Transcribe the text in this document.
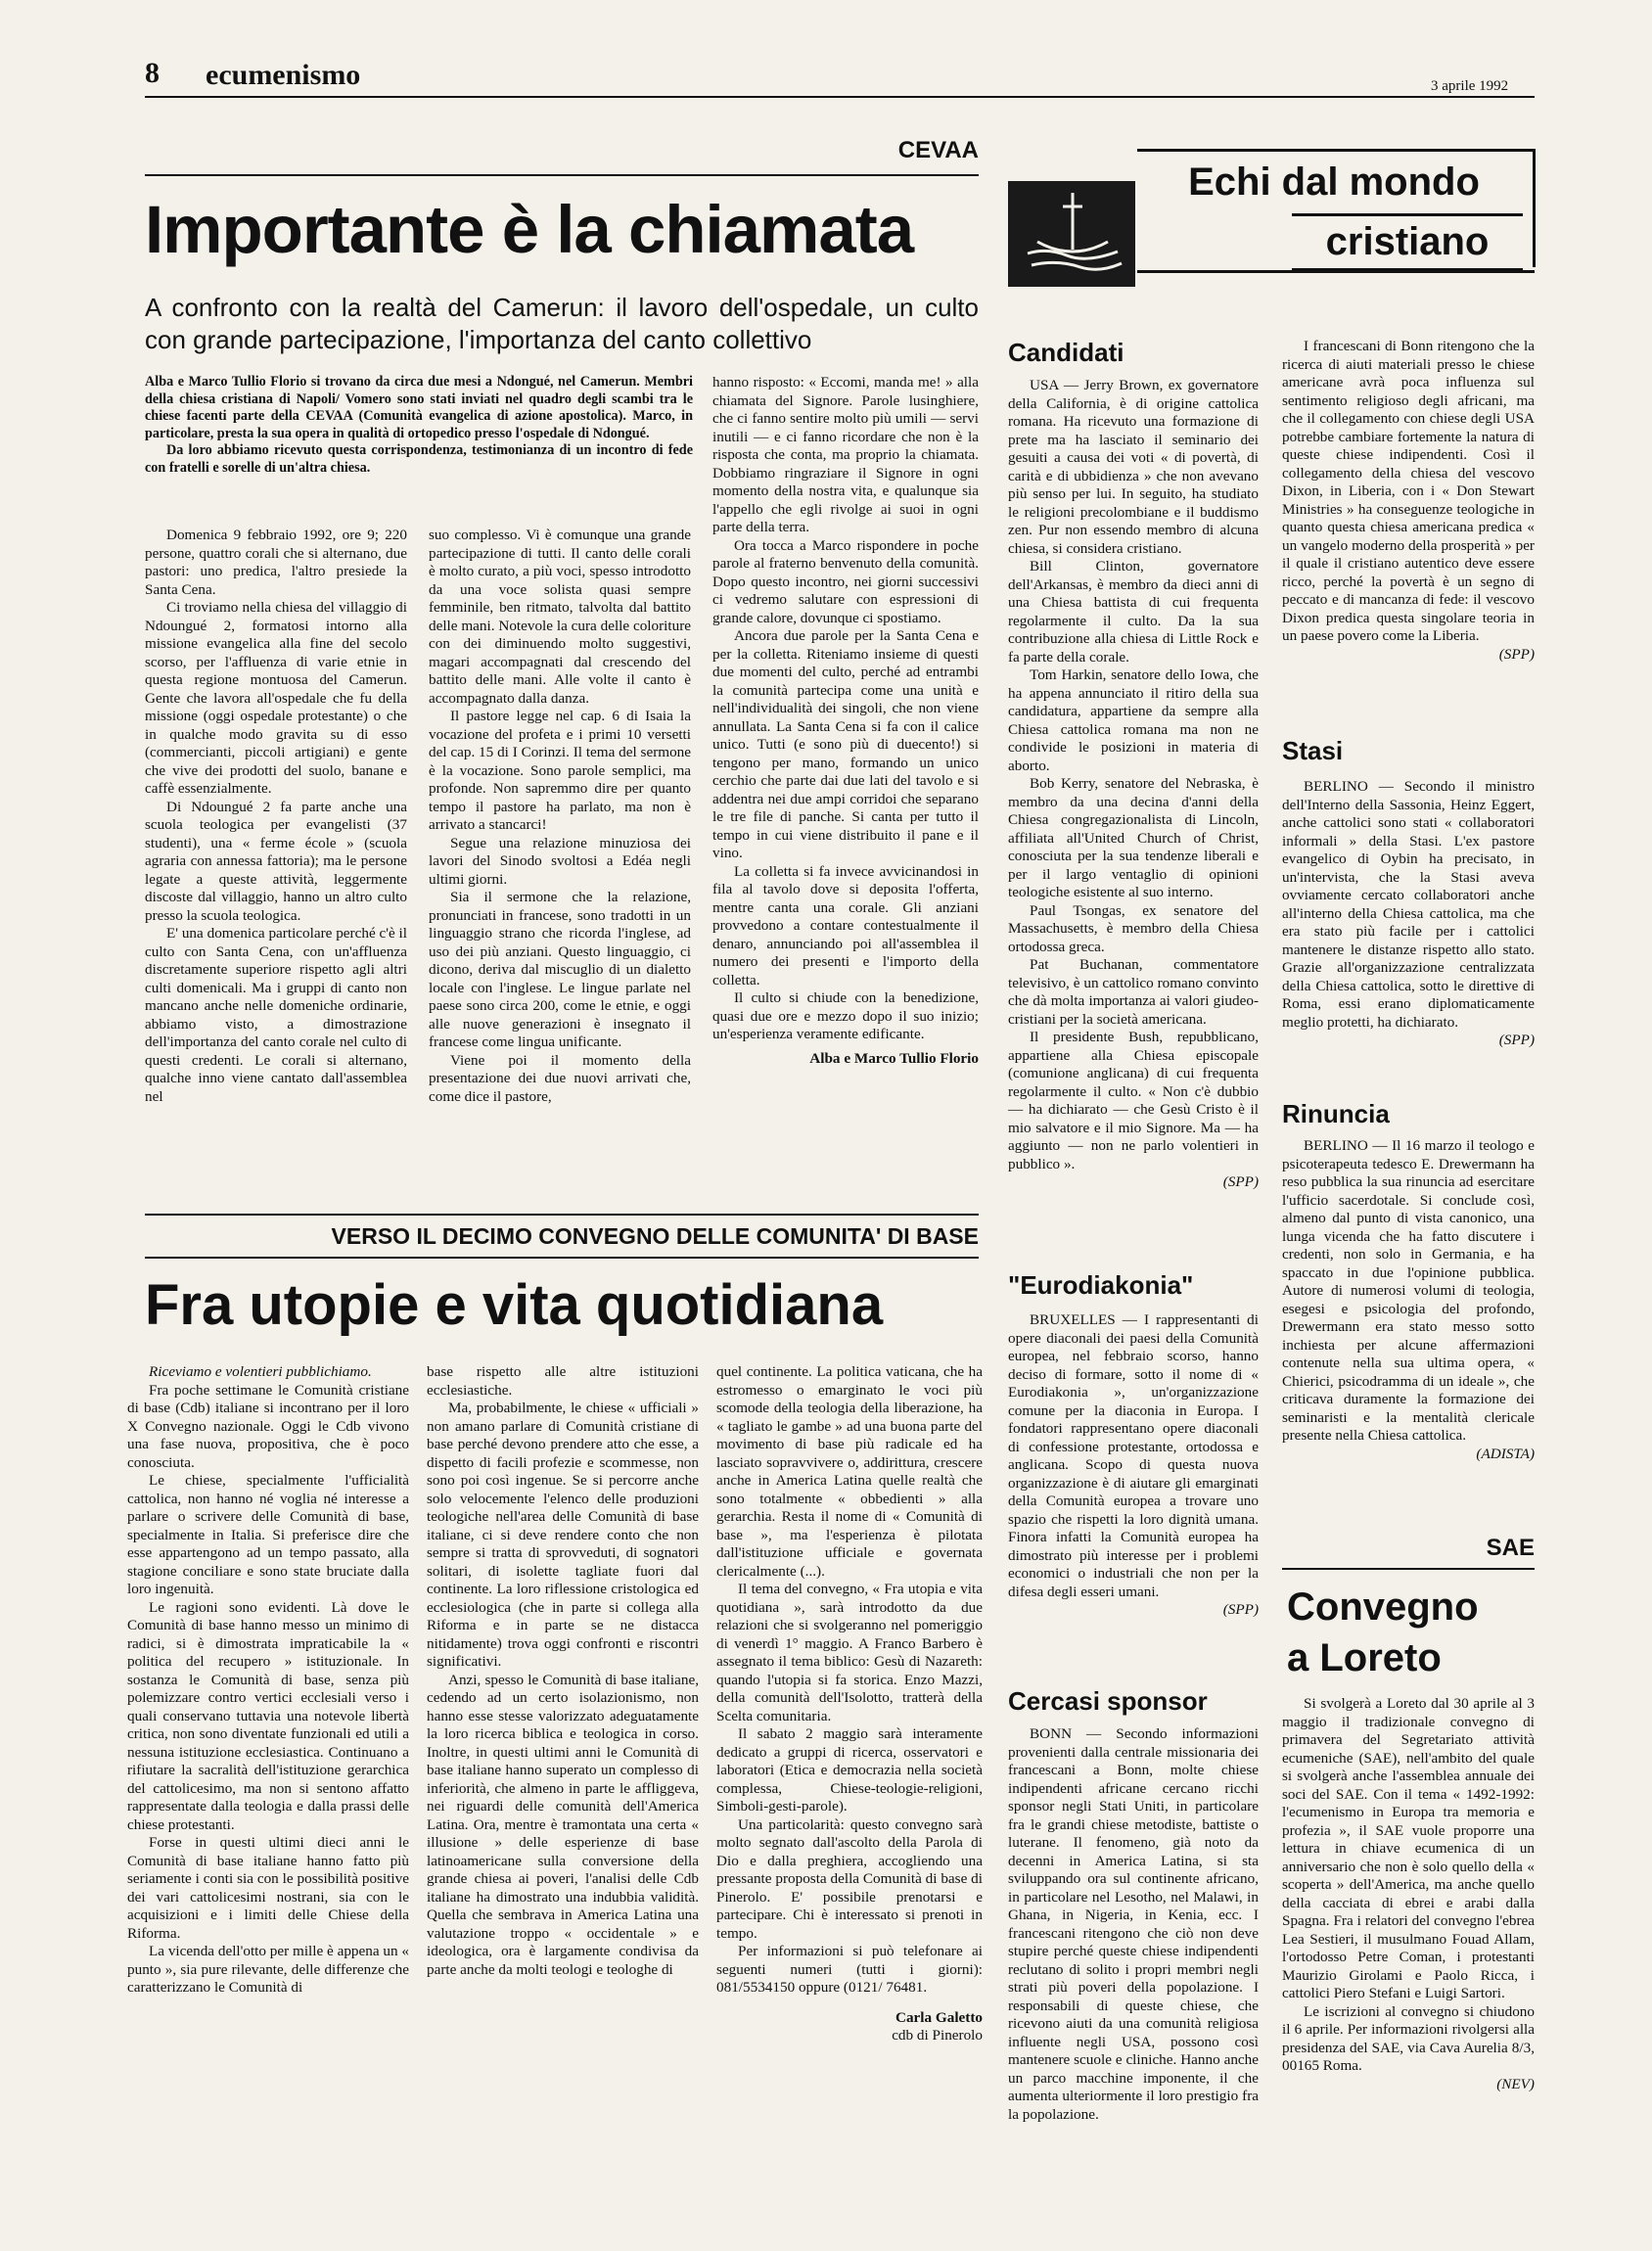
8 ecumenismo	3 aprile 1992
CEVAA
Importante è la chiamata
A confronto con la realtà del Camerun: il lavoro dell'ospedale, un culto con grande partecipazione, l'importanza del canto collettivo

Alba e Marco Tullio Florio si trovano da circa due mesi a Ndongué, nel Camerun. Membri della chiesa cristiana di Napoli/ Vomero sono stati inviati nel quadro degli scambi tra le chiese facenti parte della CEVAA (Comunità evangelica di azione apostolica). Marco, in particolare, presta la sua opera in qualità di ortopedico presso l'ospedale di Ndongué.

Da loro abbiamo ricevuto questa corrispondenza, testimonianza di un incontro di fede con fratelli e sorelle di un'altra chiesa.

Domenica 9 febbraio 1992, ore 9; 220 persone, quattro corali che si alternano, due pastori: uno predica, l'altro presiede la Santa Cena.

Ci troviamo nella chiesa del villaggio di Ndoungué 2, formatosi intorno alla missione evangelica alla fine del secolo scorso, per l'affluenza di varie etnie in questa regione montuosa del Camerun. Gente che lavora all'ospedale che fu della missione (oggi ospedale protestante) o che in qualche modo gravita su di esso (commercianti, piccoli artigiani) e gente che vive dei prodotti del suolo, banane e caffè essenzialmente.

Di Ndoungué 2 fa parte anche una scuola teologica per evangelisti (37 studenti), una « ferme école » (scuola agraria con annessa fattoria); ma le persone legate a queste attività, leggermente discoste dal villaggio, hanno un altro culto presso la scuola teologica.

E' una domenica particolare perché c'è il culto con Santa Cena, con un'affluenza discretamente superiore rispetto agli altri culti domenicali. Ma i gruppi di canto non mancano anche nelle domeniche ordinarie, abbiamo visto, a dimostrazione dell'importanza del canto corale nel culto di questi credenti. Le corali si alternano, qualche inno viene cantato dall'assemblea nel

suo complesso. Vi è comunque una grande partecipazione di tutti. Il canto delle corali è molto curato, a più voci, spesso introdotto da una voce solista quasi sempre femminile, ben ritmato, talvolta dal battito delle mani. Notevole la cura delle coloriture con dei diminuendo molto suggestivi, magari accompagnati dal crescendo del battito delle mani. Alle volte il canto è accompagnato dalla danza.

Il pastore legge nel cap. 6 di Isaia la vocazione del profeta e i primi 10 versetti del cap. 15 di I Corinzi. Il tema del sermone è la vocazione. Sono parole semplici, ma profonde. Non sapremmo dire per quanto tempo il pastore ha parlato, ma non è arrivato a stancarci!

Segue una relazione minuziosa dei lavori del Sinodo svoltosi a Edéa negli ultimi giorni.

Sia il sermone che la relazione, pronunciati in francese, sono tradotti in un linguaggio strano che ricorda l'inglese, ad uso dei più anziani. Questo linguaggio, ci dicono, deriva dal miscuglio di un dialetto locale con l'inglese. Le lingue parlate nel paese sono circa 200, come le etnie, e oggi alle nuove generazioni è insegnato il francese come lingua unificante.

Viene poi il momento della presentazione dei due nuovi arrivati che, come dice il pastore,

hanno risposto: « Eccomi, manda me! » alla chiamata del Signore. Parole lusinghiere, che ci fanno sentire molto più umili — servi inutili — e ci fanno ricordare che non è la risposta che conta, ma proprio la chiamata. Dobbiamo ringraziare il Signore in ogni momento della nostra vita, e qualunque sia l'appello che egli rivolge ai suoi in ogni parte della terra.

Ora tocca a Marco rispondere in poche parole al fraterno benvenuto della comunità. Dopo questo incontro, nei giorni successivi ci vedremo salutare con espressioni di grande calore, dovunque ci spostiamo.

Ancora due parole per la Santa Cena e per la colletta. Riteniamo insieme di questi due momenti del culto, perché ad entrambi la comunità partecipa come una unità e nell'individualità dei singoli, che non viene annullata. La Santa Cena si fa con il calice unico. Tutti (e sono più di duecento!) si tengono per mano, formando un unico cerchio che parte dai due lati del tavolo e si addentra nei due ampi corridoi che separano le tre file di panche. Si canta per tutto il tempo in cui viene distribuito il pane e il vino.

La colletta si fa invece avvicinandosi in fila al tavolo dove si deposita l'offerta, mentre canta una corale. Gli anziani provvedono a contare contestualmente il denaro, annunciando poi all'assemblea il numero dei presenti e l'importo della colletta.

Il culto si chiude con la benedizione, quasi due ore e mezzo dopo il suo inizio; un'esperienza veramente edificante.

Alba e Marco Tullio Florio
Echi dal mondo
cristiano
Candidati

USA — Jerry Brown, ex governatore della California, è di origine cattolica romana. Ha ricevuto una formazione di prete ma ha lasciato il seminario dei gesuiti a causa dei voti « di povertà, di carità e di ubbidienza » che non avevano più senso per lui. In seguito, ha studiato le religioni precolombiane e il buddismo zen. Pur non essendo membro di alcuna chiesa, si considera cristiano.

Bill Clinton, governatore dell'Arkansas, è membro da dieci anni di una Chiesa battista di cui frequenta regolarmente il culto. Da la sua contribuzione alla chiesa di Little Rock e fa parte della corale.

Tom Harkin, senatore dello Iowa, che ha appena annunciato il ritiro della sua candidatura, appartiene da sempre alla Chiesa cattolica romana ma non ne condivide le posizioni in materia di aborto.

Bob Kerry, senatore del Nebraska, è membro da una decina d'anni della Chiesa congregazionalista di Lincoln, affiliata all'United Church of Christ, conosciuta per la sua tendenze liberali e per il largo ventaglio di opinioni teologiche esistente al suo interno.

Paul Tsongas, ex senatore del Massachusetts, è membro della Chiesa ortodossa greca.

Pat Buchanan, commentatore televisivo, è un cattolico romano convinto che dà molta importanza ai valori giudeo-cristiani per la società americana.

Il presidente Bush, repubblicano, appartiene alla Chiesa episcopale (comunione anglicana) di cui frequenta regolarmente il culto. « Non c'è dubbio — ha dichiarato — che Gesù Cristo è il mio salvatore e il mio Signore. Ma — ha aggiunto — non ne parlo volentieri in pubblico ».

(SPP)

I francescani di Bonn ritengono che la ricerca di aiuti materiali presso le chiese americane avrà poca influenza sul sentimento religioso degli africani, ma che il collegamento con chiese degli USA potrebbe cambiare fortemente la natura di queste chiese indipendenti. Così il collegamento della chiesa del vescovo Dixon, in Liberia, con i « Don Stewart Ministries » ha conseguenze teologiche in quanto questa chiesa americana predica « un vangelo moderno della prosperità » per il quale il cristiano autentico deve essere ricco, perché la povertà è un segno di peccato e di mancanza di fede: il vescovo Dixon predica questa singolare teoria in un paese povero come la Liberia.

(SPP)
Stasi

BERLINO — Secondo il ministro dell'Interno della Sassonia, Heinz Eggert, anche cattolici sono stati « collaboratori informali » della Stasi. L'ex pastore evangelico di Oybin ha precisato, in un'intervista, che la Stasi aveva ovviamente cercato collaboratori anche all'interno della Chiesa cattolica, ma che era stato più facile per i cattolici mantenere le distanze rispetto allo stato. Grazie all'organizzazione centralizzata della Chiesa cattolica, sotto le direttive di Roma, essi erano diplomaticamente meglio protetti, ha dichiarato.

(SPP)
Rinuncia

BERLINO — Il 16 marzo il teologo e psicoterapeuta tedesco E. Drewermann ha reso pubblica la sua rinuncia ad esercitare l'ufficio sacerdotale. Si conclude così, almeno dal punto di vista canonico, una lunga vicenda che ha fatto discutere i credenti, non solo in Germania, e ha spaccato in due l'opinione pubblica. Autore di numerosi volumi di teologia, esegesi e psicologia del profondo, Drewermann era stato messo sotto inchiesta per alcune affermazioni contenute nella sua ultima opera, « Chierici, psicodramma di un ideale », che criticava duramente la formazione dei seminaristi e la mentalità clericale presente nella Chiesa cattolica.

(ADISTA)
"Eurodiakonia"

BRUXELLES — I rappresentanti di opere diaconali dei paesi della Comunità europea, nel febbraio scorso, hanno deciso di formare, sotto il nome di « Eurodiakonia », un'organizzazione comune per la diaconia in Europa. I fondatori rappresentano opere diaconali di confessione protestante, ortodossa e anglicana. Scopo di questa nuova organizzazione è di aiutare gli emarginati della Comunità europea a trovare uno spazio che rispetti la loro dignità umana. Finora infatti la Comunità europea ha dimostrato più interesse per i problemi economici o industriali che non per la difesa degli esseri umani.

(SPP)
Cercasi sponsor

BONN — Secondo informazioni provenienti dalla centrale missionaria dei francescani a Bonn, molte chiese indipendenti africane cercano ricchi sponsor negli Stati Uniti, in particolare fra le grandi chiese metodiste, battiste o luterane. Il fenomeno, già noto da decenni in America Latina, si sta sviluppando ora sul continente africano, in particolare nel Lesotho, nel Malawi, in Ghana, in Nigeria, in Kenia, ecc. I francescani ritengono che ciò non deve stupire perché queste chiese indipendenti reclutano di solito i propri membri negli strati più poveri della popolazione. I responsabili di queste chiese, che ricevono aiuti da una comunità religiosa influente negli USA, possono così mantenere scuole e cliniche. Hanno anche un parco macchine imponente, il che aumenta ulteriormente il loro prestigio fra la popolazione.

SAE
Convegno
a Loreto

Si svolgerà a Loreto dal 30 aprile al 3 maggio il tradizionale convegno di primavera del Segretariato attività ecumeniche (SAE), nell'ambito del quale si svolgerà anche l'assemblea annuale dei soci del SAE. Con il tema « 1492-1992: l'ecumenismo in Europa tra memoria e profezia », il SAE vuole proporre una lettura in chiave ecumenica di un anniversario che non è solo quello della « scoperta » dell'America, ma anche quello della cacciata di ebrei e arabi dalla Spagna. Fra i relatori del convegno l'ebrea Lea Sestieri, il musulmano Fouad Allam, l'ortodosso Petre Coman, i protestanti Maurizio Girolami e Paolo Ricca, i cattolici Piero Stefani e Luigi Sartori.

Le iscrizioni al convegno si chiudono il 6 aprile. Per informazioni rivolgersi alla presidenza del SAE, via Cava Aurelia 8/3, 00165 Roma.

(NEV)
VERSO IL DECIMO CONVEGNO DELLE COMUNITA' DI BASE
Fra utopie e vita quotidiana

Riceviamo e volentieri pubblichiamo.

Fra poche settimane le Comunità cristiane di base (Cdb) italiane si incontrano per il loro X Convegno nazionale. Oggi le Cdb vivono una fase nuova, propositiva, che è poco conosciuta.

Le chiese, specialmente l'ufficialità cattolica, non hanno né voglia né interesse a parlare o scrivere delle Comunità di base, specialmente in Italia. Si preferisce dire che esse appartengono ad un tempo passato, alla stagione conciliare e sono state bruciate dalla loro ingenuità.

Le ragioni sono evidenti. Là dove le Comunità di base hanno messo un minimo di radici, si è dimostrata impraticabile la « politica del recupero » istituzionale. In sostanza le Comunità di base, senza più polemizzare contro vertici ecclesiali verso i quali conservano tuttavia una notevole libertà critica, non sono diventate funzionali ed utili a nessuna istituzione ecclesiastica. Continuano a rifiutare la sacralità dell'istituzione gerarchica del cattolicesimo, ma non si sentono affatto rappresentate dalla teologia e dalla prassi delle chiese protestanti.

Forse in questi ultimi dieci anni le Comunità di base italiane hanno fatto più seriamente i conti sia con le possibilità positive dei vari cattolicesimi nostrani, sia con le acquisizioni e i limiti delle Chiese della Riforma.

La vicenda dell'otto per mille è appena un « punto », sia pure rilevante, delle differenze che caratterizzano le Comunità di

base rispetto alle altre istituzioni ecclesiastiche.

Ma, probabilmente, le chiese « ufficiali » non amano parlare di Comunità cristiane di base perché devono prendere atto che esse, a dispetto di facili profezie e scommesse, non sono poi così ingenue. Se si percorre anche solo velocemente l'elenco delle produzioni teologiche nell'area delle Comunità di base italiane, ci si deve rendere conto che non sempre si tratta di sprovveduti, di sognatori solitari, di isolette tagliate fuori dal continente. La loro riflessione cristologica ed ecclesiologica (che in parte si collega alla Riforma e in parte se ne distacca nitidamente) trova oggi confronti e riscontri significativi.

Anzi, spesso le Comunità di base italiane, cedendo ad un certo isolazionismo, non hanno esse stesse valorizzato adeguatamente la loro ricerca biblica e teologica in corso. Inoltre, in questi ultimi anni le Comunità di base italiane hanno superato un complesso di inferiorità, che almeno in parte le affliggeva, nei riguardi delle comunità dell'America Latina. Ora, mentre è tramontata una certa « illusione » delle esperienze di base latinoamericane sulla conversione della grande chiesa ai poveri, l'analisi delle Cdb italiane ha dimostrato una indubbia validità. Quella che sembrava in America Latina una valutazione troppo « occidentale » e ideologica, ora è largamente condivisa da parte anche da molti teologi e teologhe di

quel continente. La politica vaticana, che ha estromesso o emarginato le voci più scomode della teologia della liberazione, ha « tagliato le gambe » ad una buona parte del movimento di base più radicale ed ha lasciato sopravvivere o, addirittura, crescere anche in America Latina quelle realtà che sono totalmente « obbedienti » alla gerarchia. Resta il nome di « Comunità di base », ma l'esperienza è pilotata dall'istituzione ufficiale e governata clericalmente (...).

Il tema del convegno, « Fra utopia e vita quotidiana », sarà introdotto da due relazioni che si svolgeranno nel pomeriggio di venerdì 1° maggio. A Franco Barbero è assegnato il tema biblico: Gesù di Nazareth: quando l'utopia si fa storica. Enzo Mazzi, della comunità dell'Isolotto, tratterà della Scelta comunitaria.

Il sabato 2 maggio sarà interamente dedicato a gruppi di ricerca, osservatori e laboratori (Etica e democrazia nella società complessa, Chiese-teologie-religioni, Simboli-gesti-parole).

Una particolarità: questo convegno sarà molto segnato dall'ascolto della Parola di Dio e dalla preghiera, accogliendo una pressante proposta della Comunità di base di Pinerolo. E' possibile prenotarsi e partecipare. Chi è interessato si prenoti in tempo.

Per informazioni si può telefonare ai seguenti numeri (tutti i giorni): 081/5534150 oppure (0121/ 76481.

Carla Galetto
cdb di Pinerolo
